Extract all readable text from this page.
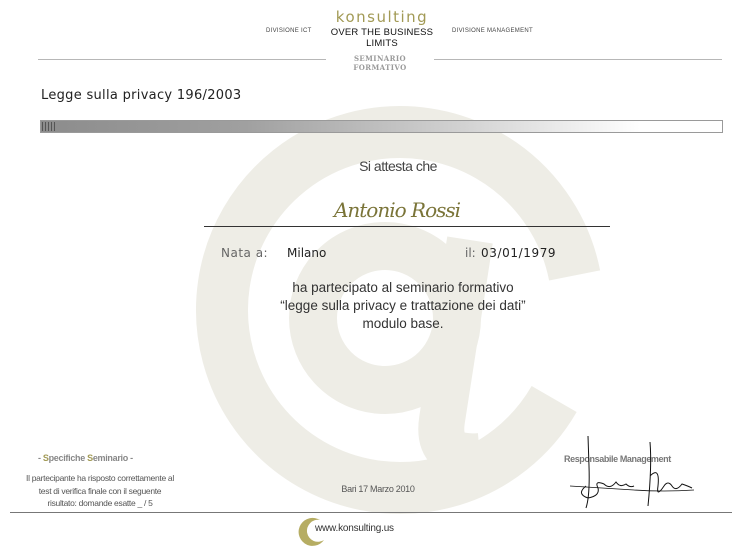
DIVISIONE ICT
konsulting
OVER THE BUSINESS LIMITS
DIVISIONE MANAGEMENT
SEMINARIO FORMATIVO
Legge sulla privacy 196/2003
Si attesta che
Antonio Rossi
Nata a: Milano	il: 03/01/1979
ha partecipato al seminario formativo
“legge sulla privacy e trattazione dei dati”
modulo base.
- Specifiche Seminario -
Il partecipante ha risposto correttamente al
test di verifica finale con il seguente
risultato: domande esatte _ / 5
Bari 17 Marzo 2010
Responsabile Management
www.konsulting.us
